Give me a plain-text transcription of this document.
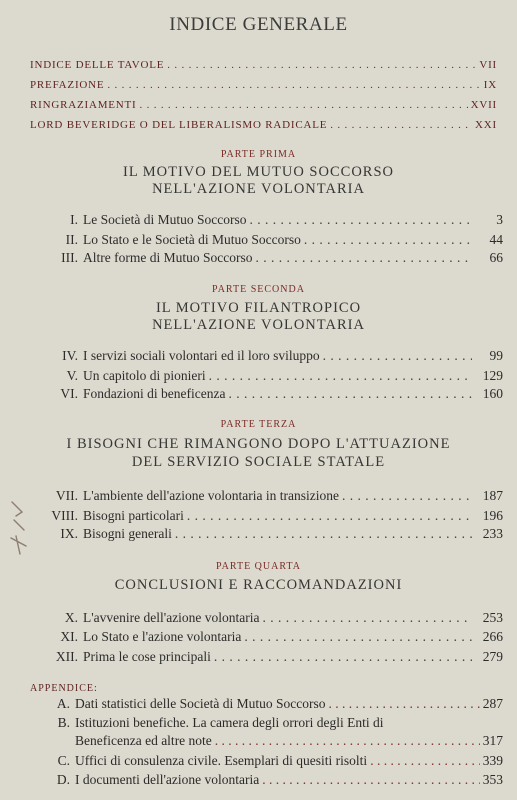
INDICE GENERALE
INDICE DELLE TAVOLE . . .	VII
PREFAZIONE . . .	IX
RINGRAZIAMENTI . . .	XVII
LORD BEVERIDGE O DEL LIBERALISMO RADICALE . . .	XXI
PARTE PRIMA
IL MOTIVO DEL MUTUO SOCCORSO
NELL'AZIONE VOLONTARIA
I. Le Società di Mutuo Soccorso . . .	3
II. Lo Stato e le Società di Mutuo Soccorso . . .	44
III. Altre forme di Mutuo Soccorso . . .	66
PARTE SECONDA
IL MOTIVO FILANTROPICO
NELL'AZIONE VOLONTARIA
IV. I servizi sociali volontari ed il loro sviluppo . . .	99
V. Un capitolo di pionieri . . .	129
VI. Fondazioni di beneficenza . . .	160
PARTE TERZA
I BISOGNI CHE RIMANGONO DOPO L'ATTUAZIONE
DEL SERVIZIO SOCIALE STATALE
VII. L'ambiente dell'azione volontaria in transizione . . .	187
VIII. Bisogni particolari . . .	196
IX. Bisogni generali . . .	233
PARTE QUARTA
CONCLUSIONI E RACCOMANDAZIONI
X. L'avvenire dell'azione volontaria . . .	253
XI. Lo Stato e l'azione volontaria . . .	266
XII. Prima le cose principali . . .	279
APPENDICE:
A. Dati statistici delle Società di Mutuo Soccorso . . .	287
B. Istituzioni benefiche. La camera degli orrori degli Enti di
Beneficenza ed altre note . . .	317
C. Uffici di consulenza civile. Esemplari di quesiti risolti . . .	339
D. I documenti dell'azione volontaria . . .	353
